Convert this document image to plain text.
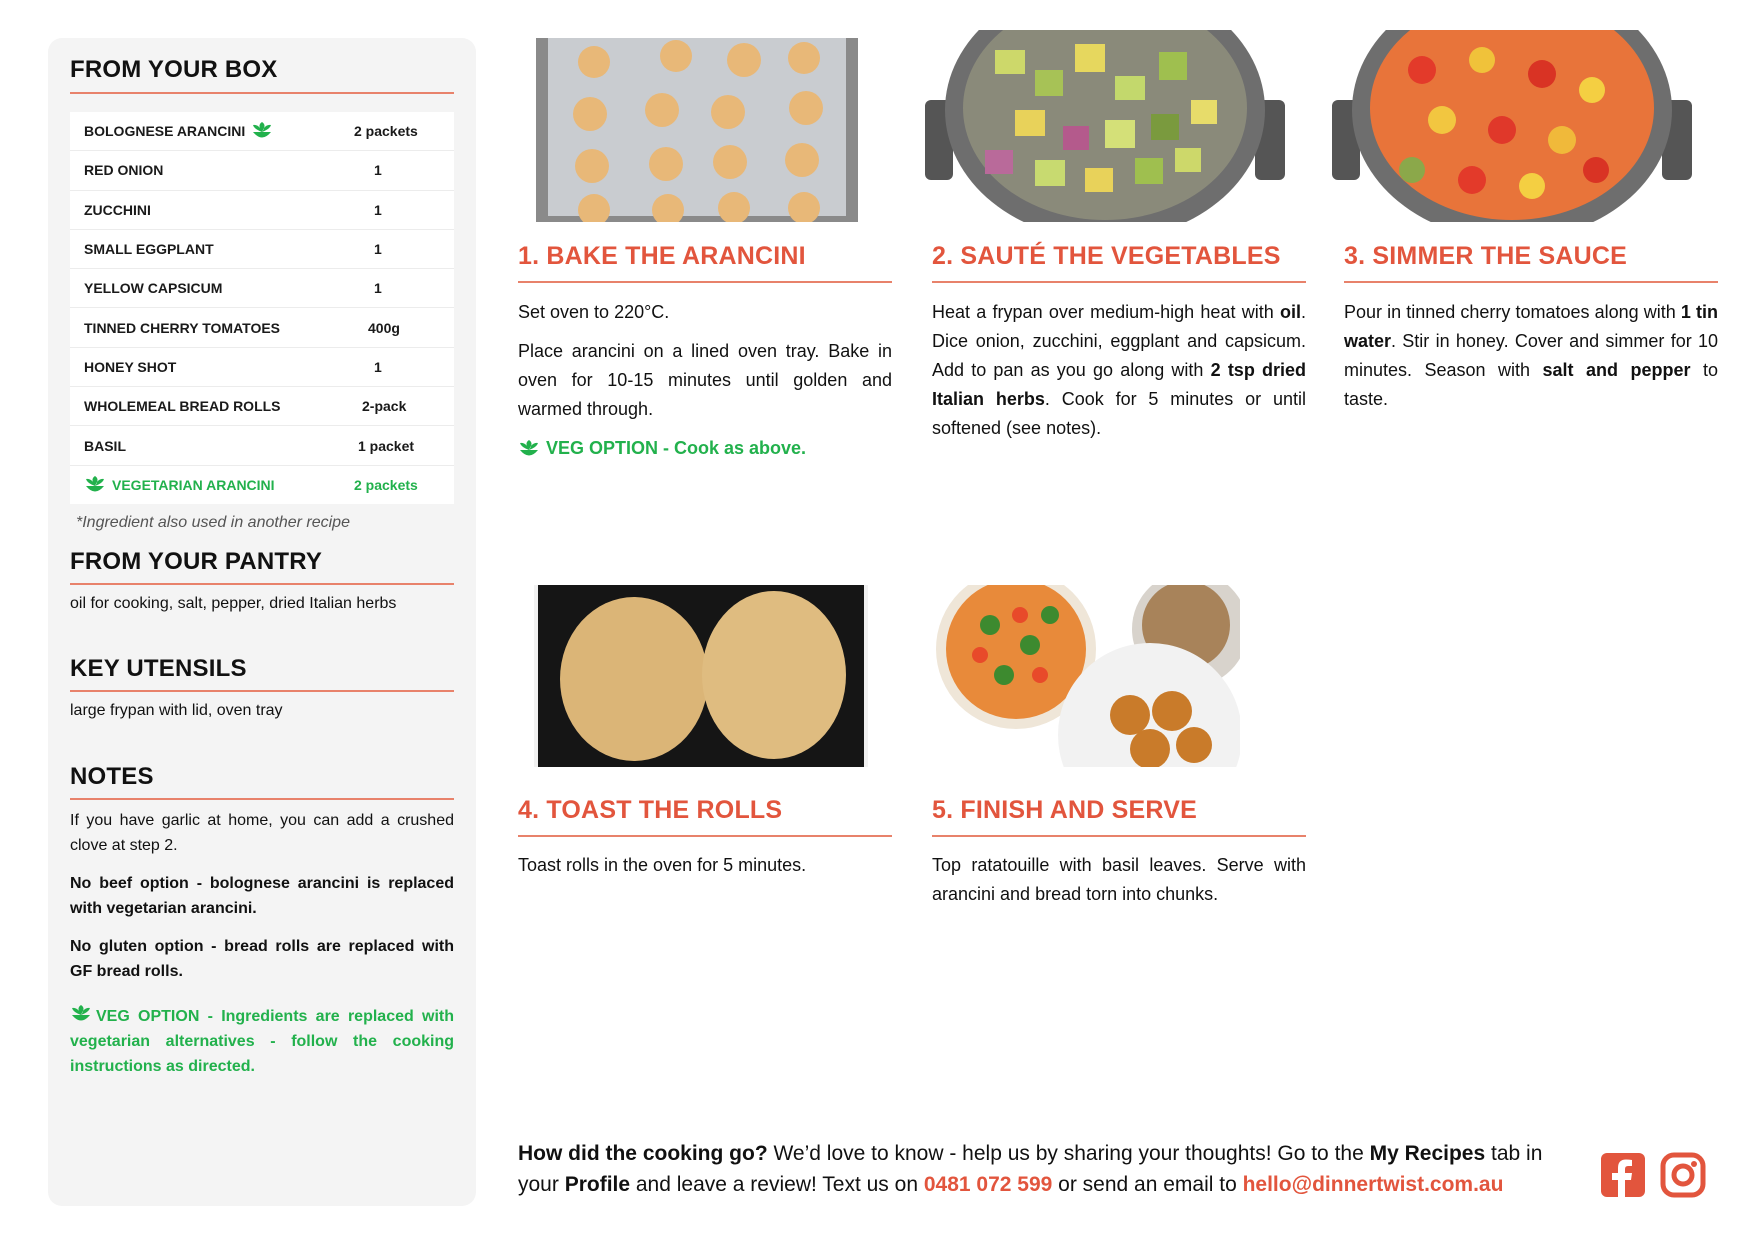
FROM YOUR BOX
BOLOGNESE ARANCINI	2 packets
RED ONION	1
ZUCCHINI	1
SMALL EGGPLANT	1
YELLOW CAPSICUM	1
TINNED CHERRY TOMATOES	400g
HONEY SHOT	1
WHOLEMEAL BREAD ROLLS	2-pack
BASIL	1 packet
VEGETARIAN ARANCINI	2 packets
*Ingredient also used in another recipe
FROM YOUR PANTRY
oil for cooking, salt, pepper, dried Italian herbs
KEY UTENSILS
large frypan with lid, oven tray
NOTES

If you have garlic at home, you can add a crushed clove at step 2.

No beef option - bolognese arancini is replaced with vegetarian arancini.

No gluten option - bread rolls are replaced with GF bread rolls.

VEG OPTION - Ingredients are replaced with vegetarian alternatives - follow the cooking instructions as directed.

1. BAKE THE ARANCINI

Set oven to 220°C.

Place arancini on a lined oven tray. Bake in oven for 10-15 minutes until golden and warmed through.

VEG OPTION - Cook as above.
2. SAUTÉ THE VEGETABLES

Heat a frypan over medium-high heat with oil. Dice onion, zucchini, eggplant and capsicum. Add to pan as you go along with 2 tsp dried Italian herbs. Cook for 5 minutes or until softened (see notes).

3. SIMMER THE SAUCE

Pour in tinned cherry tomatoes along with 1 tin water. Stir in honey. Cover and simmer for 10 minutes. Season with salt and pepper to taste.

4. TOAST THE ROLLS

Toast rolls in the oven for 5 minutes.

5. FINISH AND SERVE

Top ratatouille with basil leaves. Serve with arancini and bread torn into chunks.

How did the cooking go? We’d love to know - help us by sharing your thoughts! Go to the My Recipes tab in your Profile and leave a review! Text us on 0481 072 599 or send an email to hello@dinnertwist.com.au
